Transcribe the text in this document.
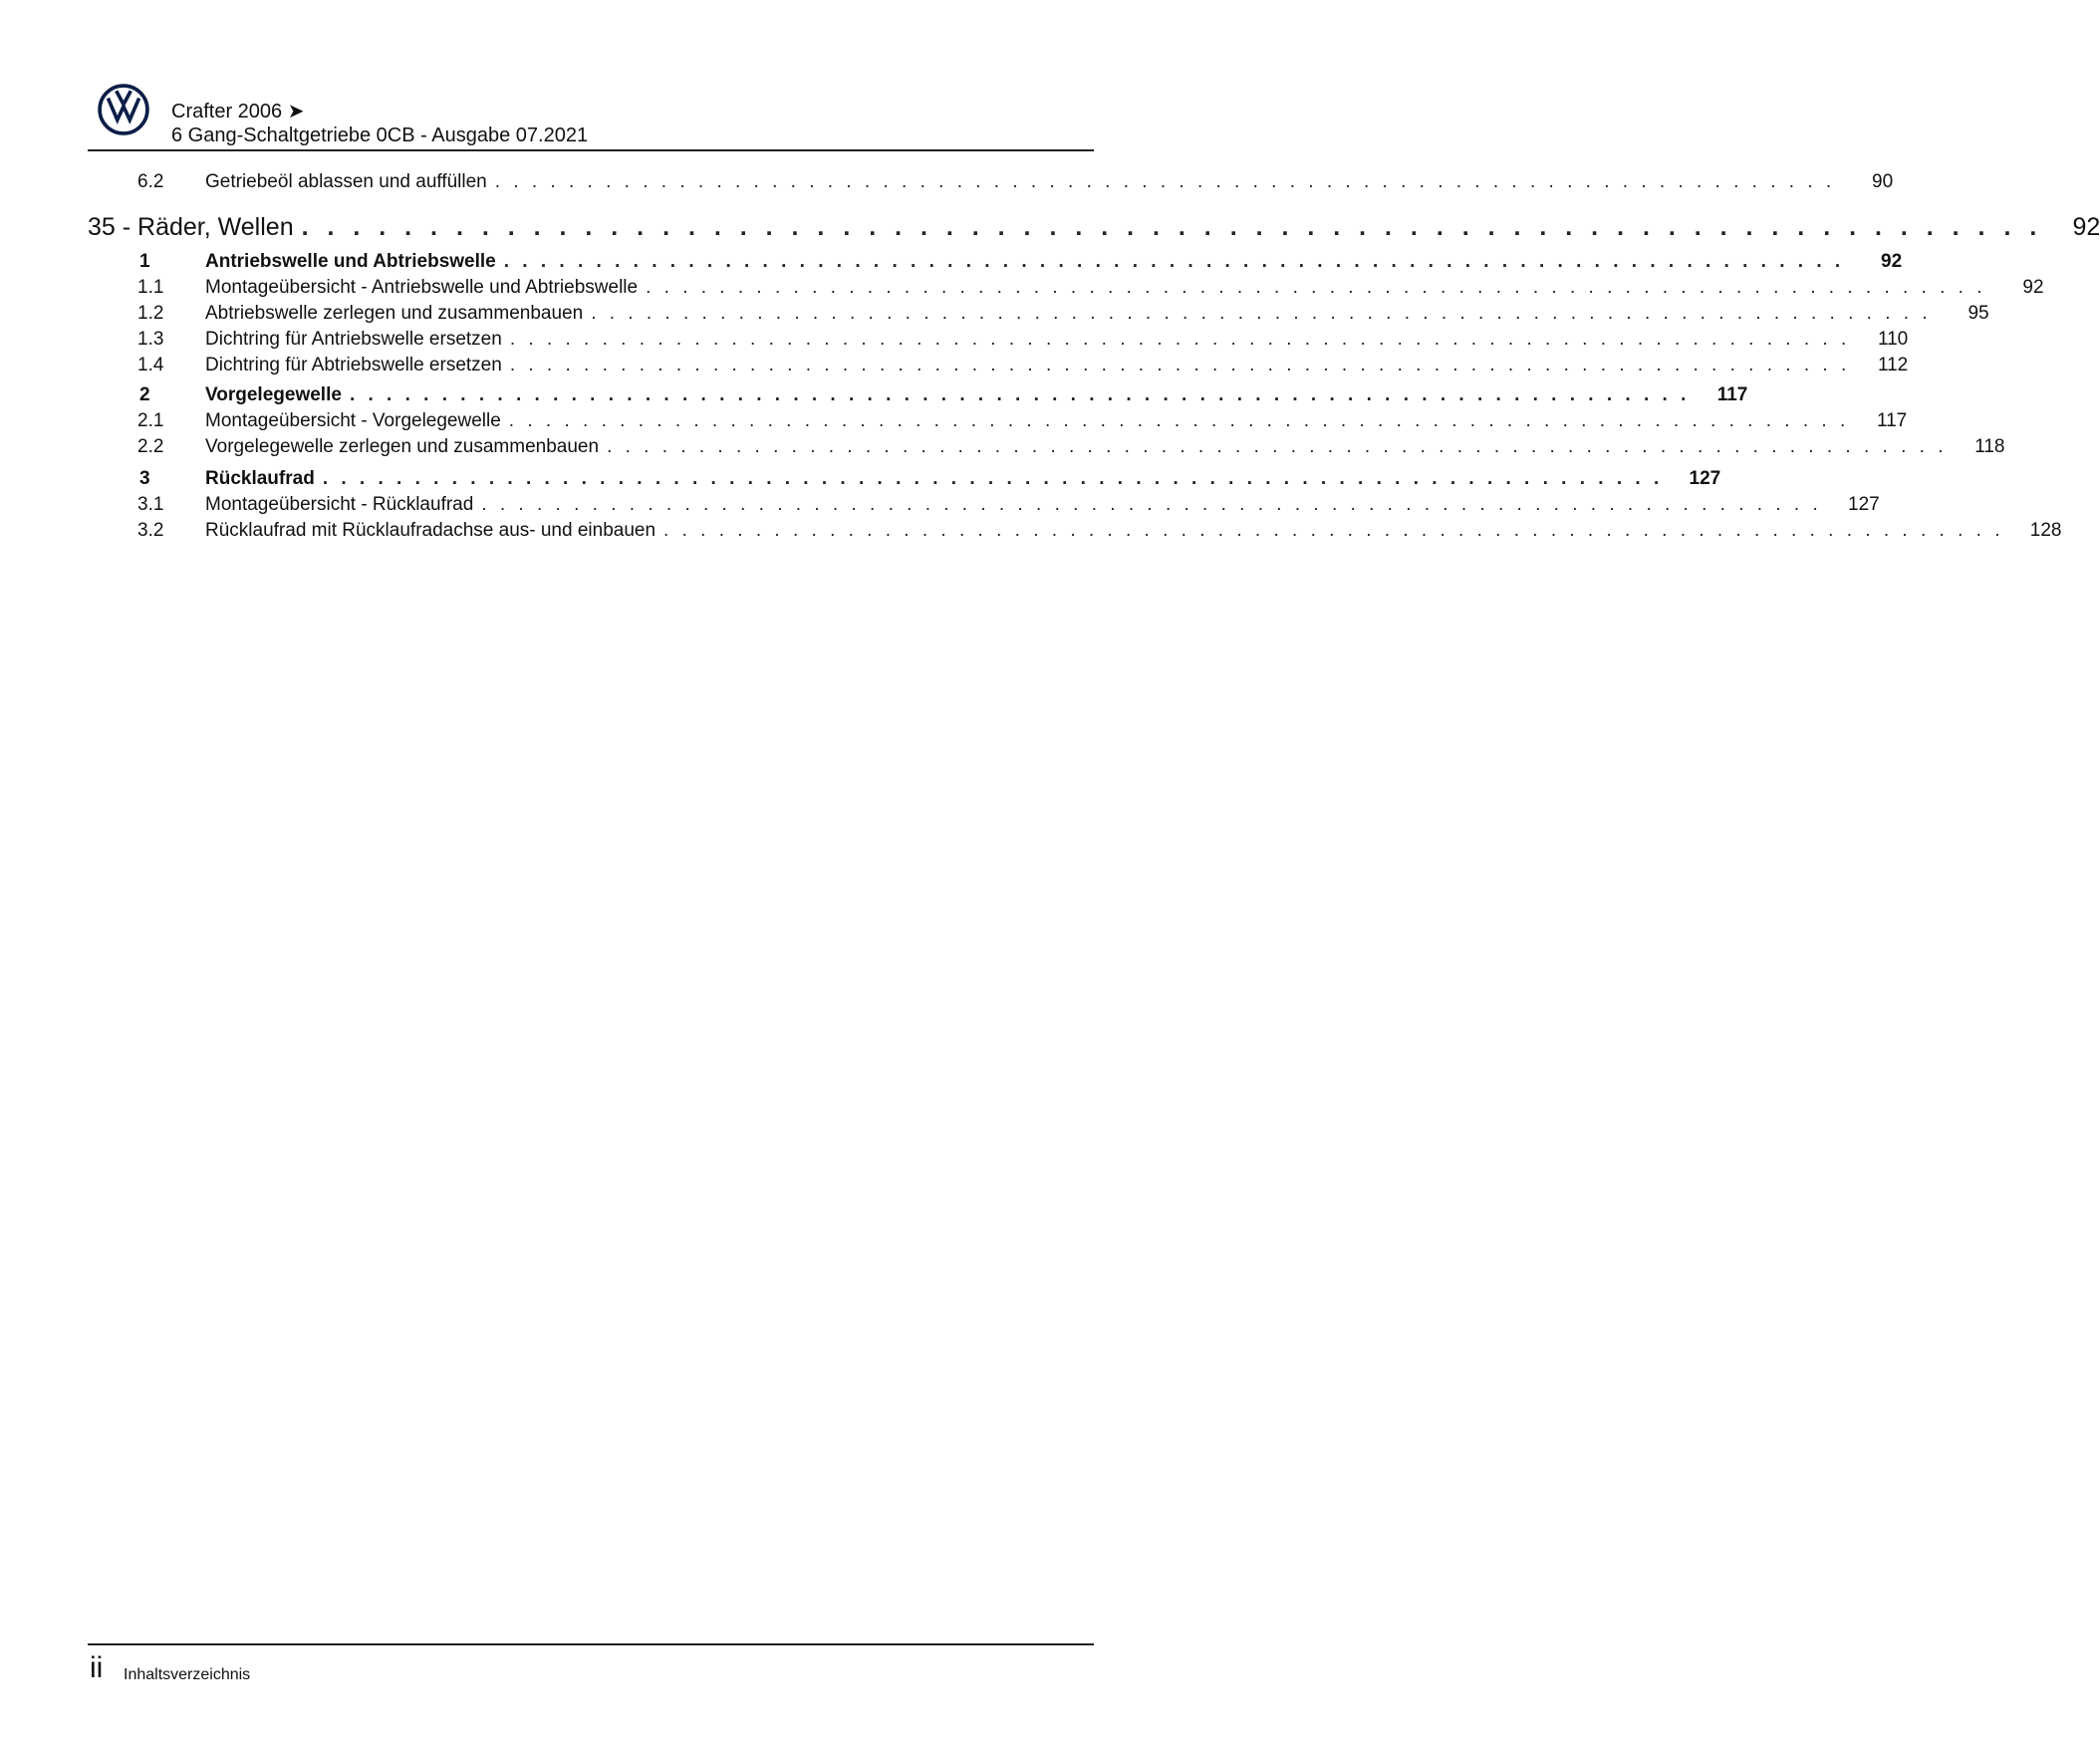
Crafter 2006 ➤
6 Gang-Schaltgetriebe 0CB - Ausgabe 07.2021
6.2	Getriebeöl ablassen und auffüllen . . . . . . . . . . . . . . . . . . . . . . . . . . . . . . . . . . . . . . . . . . . . . . . . . . . . . . . . . . . . . . . . . . . . . . . . .	90
35 - Räder, Wellen . . . . . . . . . . . . . . . . . . . . . . . . . . . . . . . . . . . . . . . . . . . . . . . . . . . . . . . . . . . . . . . . . . . .	92
1	Antriebswelle und Abtriebswelle . . . . . . . . . . . . . . . . . . . . . . . . . . . . . . . . . . . . . . . . . . . . . . . . . . . . . . . . . . . . . . . . . . . . . . . . .	92
1.1	Montageübersicht - Antriebswelle und Abtriebswelle . . . . . . . . . . . . . . . . . . . . . . . . . . . . . . . . . . . . . . . . . . . . . . . . . . . . . . . . . . . . . . . . . . . . . . . . .	92
1.2	Abtriebswelle zerlegen und zusammenbauen . . . . . . . . . . . . . . . . . . . . . . . . . . . . . . . . . . . . . . . . . . . . . . . . . . . . . . . . . . . . . . . . . . . . . . . . .	95
1.3	Dichtring für Antriebswelle ersetzen . . . . . . . . . . . . . . . . . . . . . . . . . . . . . . . . . . . . . . . . . . . . . . . . . . . . . . . . . . . . . . . . . . . . . . . . .	110
1.4	Dichtring für Abtriebswelle ersetzen . . . . . . . . . . . . . . . . . . . . . . . . . . . . . . . . . . . . . . . . . . . . . . . . . . . . . . . . . . . . . . . . . . . . . . . . .	112
2	Vorgelegewelle . . . . . . . . . . . . . . . . . . . . . . . . . . . . . . . . . . . . . . . . . . . . . . . . . . . . . . . . . . . . . . . . . . . . . . . . .	117
2.1	Montageübersicht - Vorgelegewelle . . . . . . . . . . . . . . . . . . . . . . . . . . . . . . . . . . . . . . . . . . . . . . . . . . . . . . . . . . . . . . . . . . . . . . . . .	117
2.2	Vorgelegewelle zerlegen und zusammenbauen . . . . . . . . . . . . . . . . . . . . . . . . . . . . . . . . . . . . . . . . . . . . . . . . . . . . . . . . . . . . . . . . . . . . . . . . .	118
3	Rücklaufrad . . . . . . . . . . . . . . . . . . . . . . . . . . . . . . . . . . . . . . . . . . . . . . . . . . . . . . . . . . . . . . . . . . . . . . . . .	127
3.1	Montageübersicht - Rücklaufrad . . . . . . . . . . . . . . . . . . . . . . . . . . . . . . . . . . . . . . . . . . . . . . . . . . . . . . . . . . . . . . . . . . . . . . . . .	127
3.2	Rücklaufrad mit Rücklaufradachse aus- und einbauen . . . . . . . . . . . . . . . . . . . . . . . . . . . . . . . . . . . . . . . . . . . . . . . . . . . . . . . . . . . . . . . . . . . . . . . . .	128
ii Inhaltsverzeichnis
